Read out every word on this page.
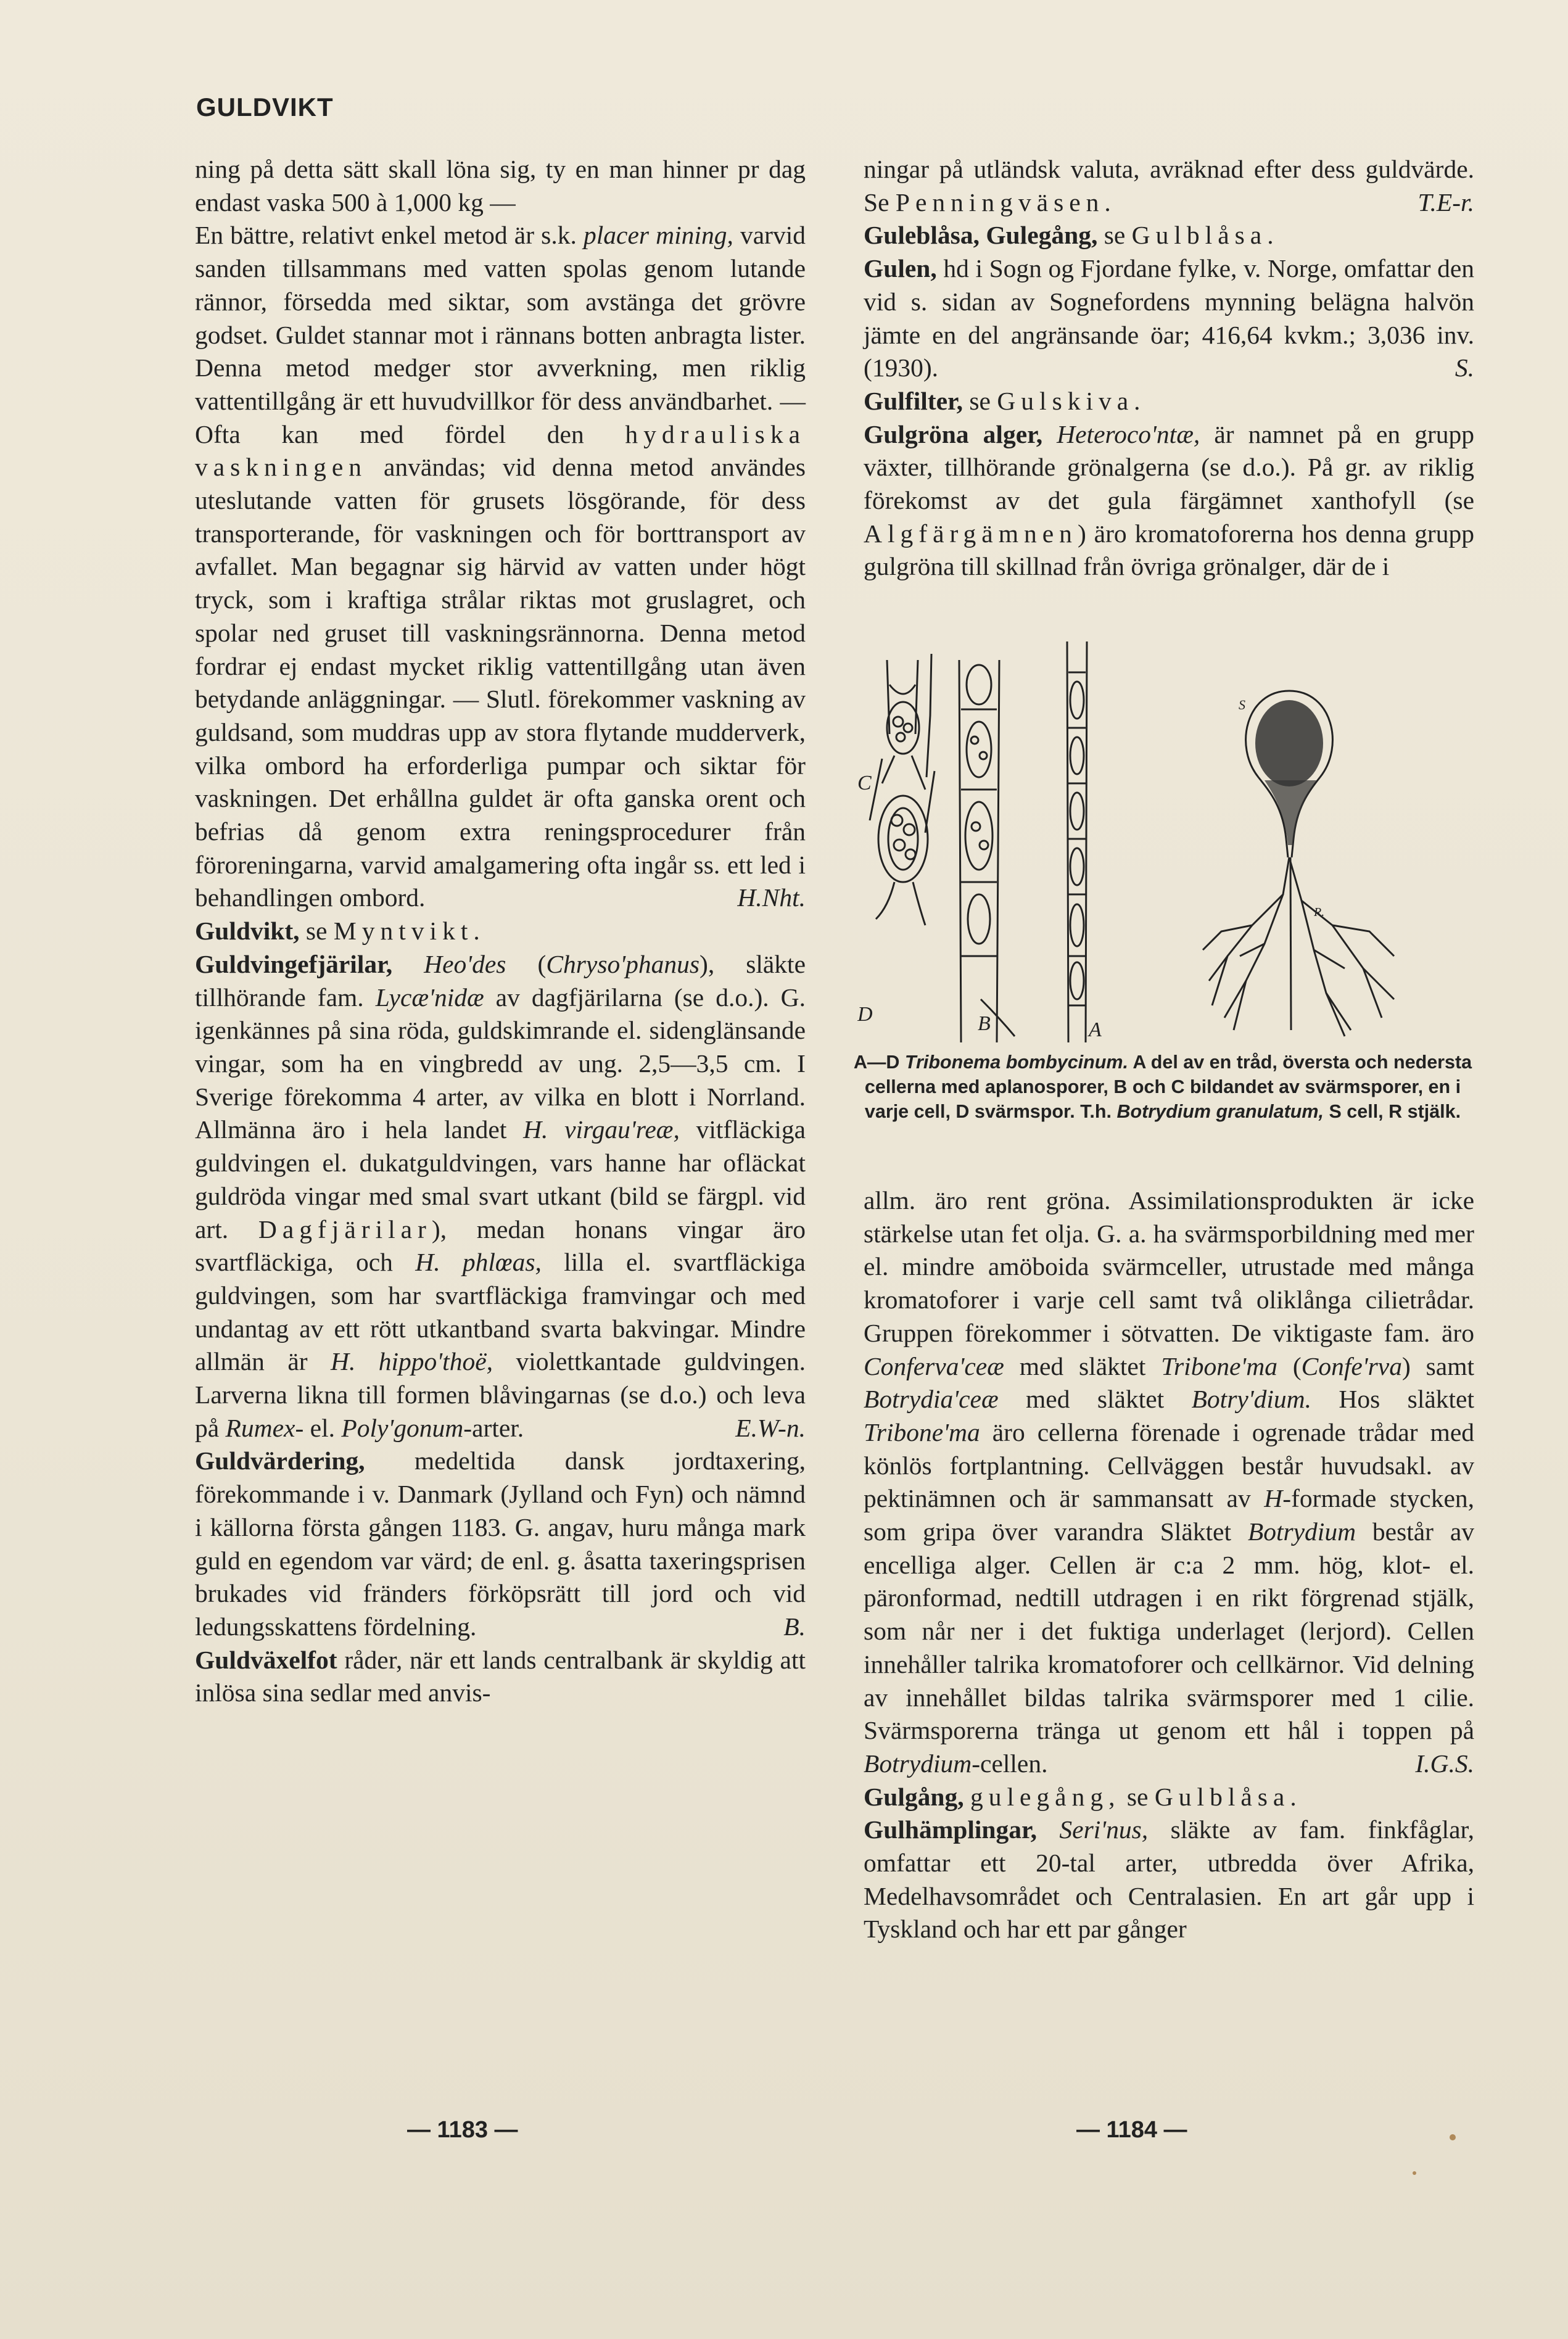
GULDVIKT

ning på detta sätt skall löna sig, ty en man hinner pr dag endast vaska 500 à 1,000 kg —

En bättre, relativt enkel metod är s.k. placer mining, varvid sanden tillsammans med vatten spolas genom lutande rännor, försedda med siktar, som avstänga det grövre godset. Guldet stannar mot i rännans botten anbragta lister. Denna metod medger stor avverkning, men riklig vattentillgång är ett huvudvillkor för dess användbarhet. — Ofta kan med fördel den hydrauliska vaskningen användas; vid denna metod användes uteslutande vatten för grusets lösgörande, för dess transporterande, för vaskningen och för borttransport av avfallet. Man begagnar sig härvid av vatten under högt tryck, som i kraftiga strålar riktas mot gruslagret, och spolar ned gruset till vaskningsrännorna. Denna metod fordrar ej endast mycket riklig vattentillgång utan även betydande anläggningar. — Slutl. förekommer vaskning av guldsand, som muddras upp av stora flytande mudderverk, vilka ombord ha erforderliga pumpar och siktar för vaskningen. Det erhållna guldet är ofta ganska orent och befrias då genom extra reningsprocedurer från föroreningarna, varvid amalgamering ofta ingår ss. ett led i behandlingen ombord.	H.Nht.

Guldvikt, se Myntvikt.

Guldvingefjärilar, Heo'des (Chryso'phanus), släkte tillhörande fam. Lycæ'nidæ av dagfjärilarna (se d.o.). G. igenkännes på sina röda, guldskimrande el. sidenglänsande vingar, som ha en vingbredd av ung. 2,5—3,5 cm. I Sverige förekomma 4 arter, av vilka en blott i Norrland. Allmänna äro i hela landet H. virgau'reæ, vitfläckiga guldvingen el. dukatguldvingen, vars hanne har ofläckat guldröda vingar med smal svart utkant (bild se färgpl. vid art. Dagfjärilar), medan honans vingar äro svartfläckiga, och H. phlœas, lilla el. svartfläckiga guldvingen, som har svartfläckiga framvingar och med undantag av ett rött utkantband svarta bakvingar. Mindre allmän är H. hippo'thoë, violettkantade guldvingen. Larverna likna till formen blåvingarnas (se d.o.) och leva på Rumex- el. Poly'gonum-arter.	E.W-n.

Guldvärdering, medeltida dansk jordtaxering, förekommande i v. Danmark (Jylland och Fyn) och nämnd i källorna första gången 1183. G. angav, huru många mark guld en egendom var värd; de enl. g. åsatta taxeringsprisen brukades vid fränders förköpsrätt till jord och vid ledungsskattens fördelning.	B.

Guldväxelfot råder, när ett lands centralbank är skyldig att inlösa sina sedlar med anvis-

ningar på utländsk valuta, avräknad efter dess guldvärde. Se Penningväsen.	T.E-r.

Guleblåsa, Gulegång, se Gulblåsa.

Gulen, hd i Sogn og Fjordane fylke, v. Norge, omfattar den vid s. sidan av Sognefordens mynning belägna halvön jämte en del angränsande öar; 416,64 kvkm.; 3,036 inv. (1930).	S.

Gulfilter, se Gulskiva.

Gulgröna alger, Heteroco'ntæ, är namnet på en grupp växter, tillhörande grönalgerna (se d.o.). På gr. av riklig förekomst av det gula färgämnet xanthofyll (se Algfärgämnen) äro kromatoforerna hos denna grupp gulgröna till skillnad från övriga grönalger, där de i

C
D	B	A
S
R.
A—D Tribonema bombycinum. A del av en tråd, översta och nedersta cellerna med aplanosporer, B och C bildandet av svärmsporer, en i varje cell, D svärmspor. T.h. Botrydium granulatum, S cell, R stjälk.

allm. äro rent gröna. Assimilationsprodukten är icke stärkelse utan fet olja. G. a. ha svärmsporbildning med mer el. mindre amöboida svärmceller, utrustade med många kromatoforer i varje cell samt två oliklånga cilietrådar. Gruppen förekommer i sötvatten. De viktigaste fam. äro Conferva'ceæ med släktet Tribone'ma (Confe'rva) samt Botrydia'ceæ med släktet Botry'dium. Hos släktet Tribone'ma äro cellerna förenade i ogrenade trådar med könlös fortplantning. Cellväggen består huvudsakl. av pektinämnen och är sammansatt av H-formade stycken, som gripa över varandra Släktet Botrydium består av encelliga alger. Cellen är c:a 2 mm. hög, klot- el. päronformad, nedtill utdragen i en rikt förgrenad stjälk, som når ner i det fuktiga underlaget (lerjord). Cellen innehåller talrika kromatoforer och cellkärnor. Vid delning av innehållet bildas talrika svärmsporer med 1 cilie. Svärmsporerna tränga ut genom ett hål i toppen på Botrydium-cellen.	I.G.S.

Gulgång, gulegång, se Gulblåsa.

Gulhämplingar, Seri'nus, släkte av fam. finkfåglar, omfattar ett 20-tal arter, utbredda över Afrika, Medelhavsområdet och Centralasien. En art går upp i Tyskland och har ett par gånger

— 1183 —	— 1184 —
